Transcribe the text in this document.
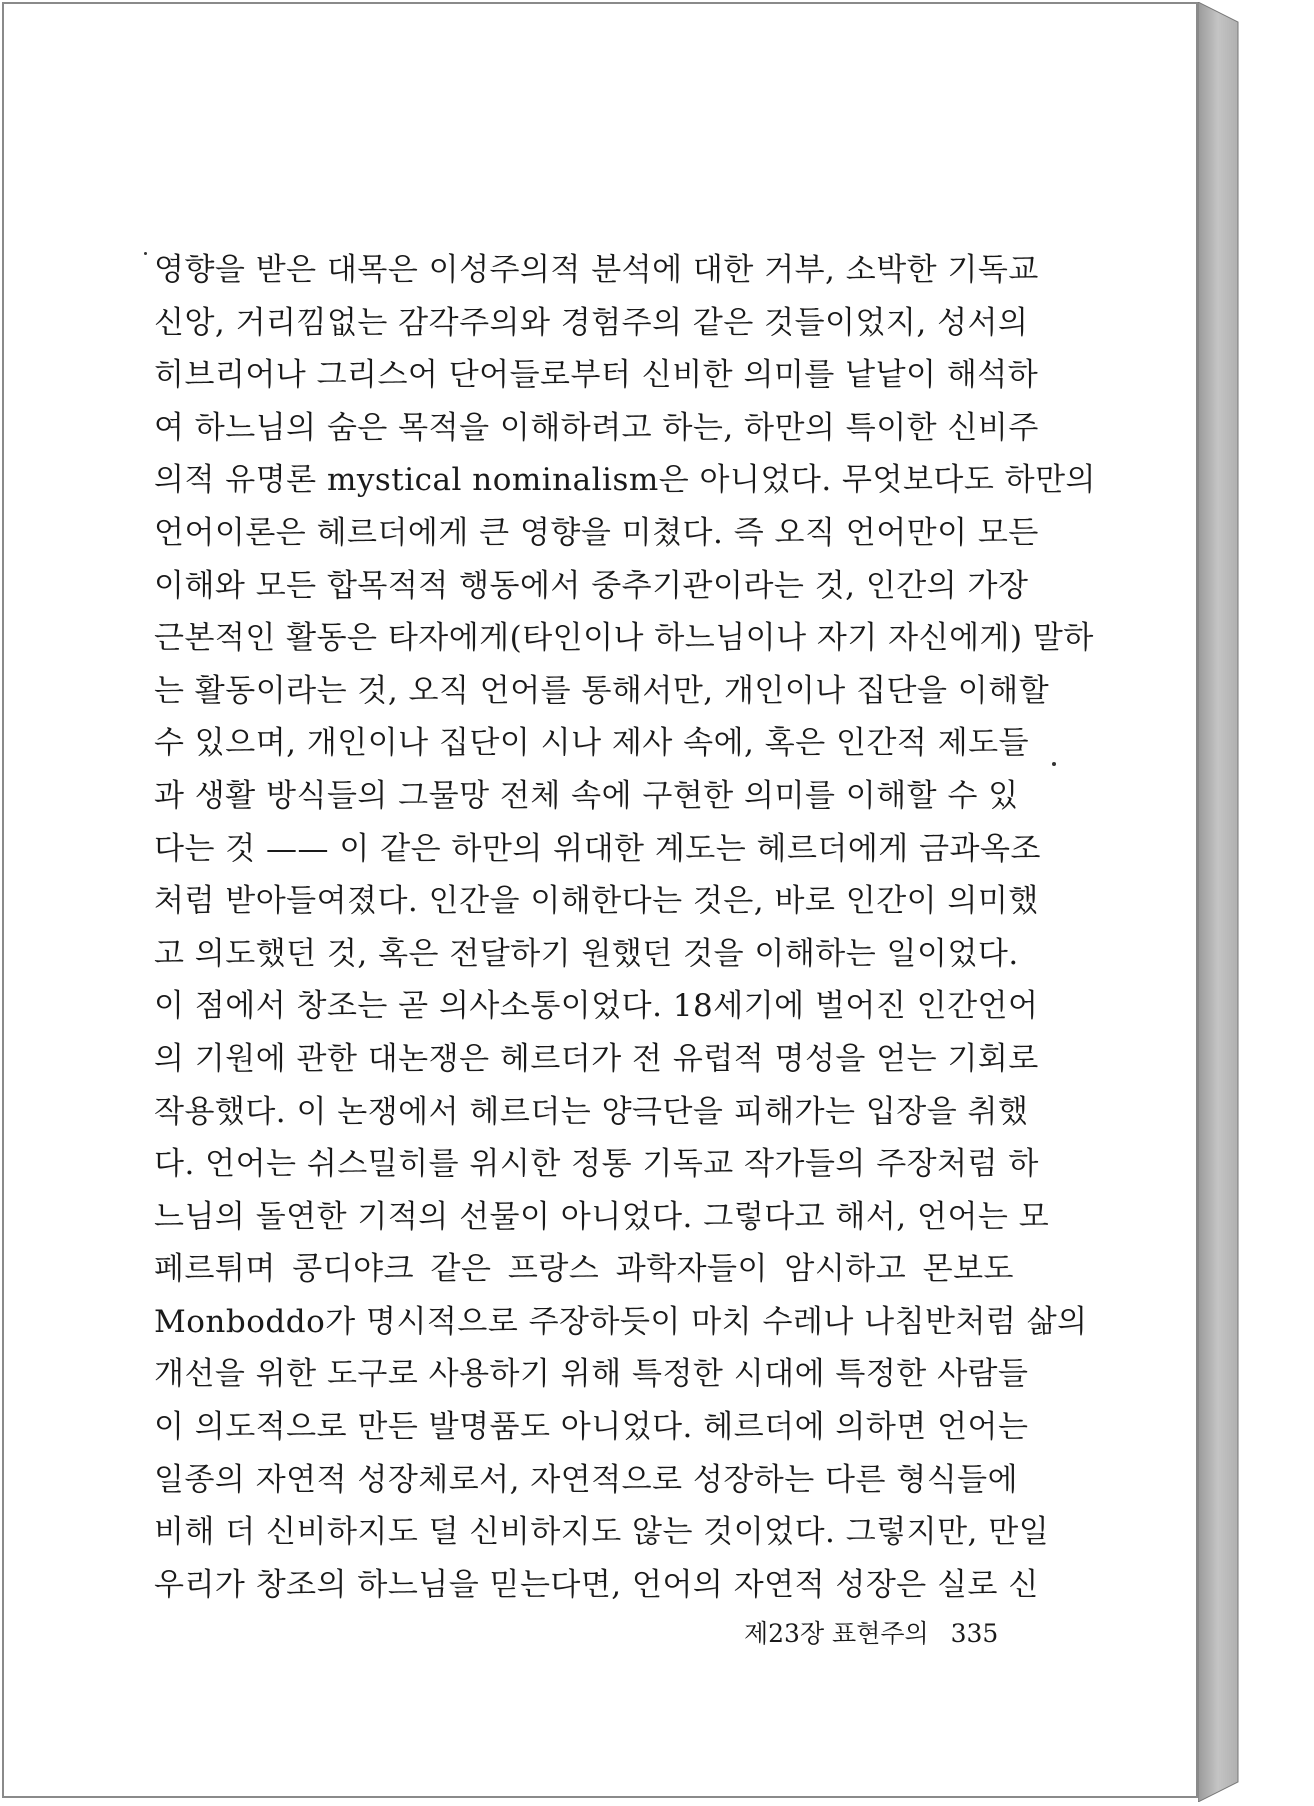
영향을 받은 대목은 이성주의적 분석에 대한 거부, 소박한 기독교
신앙, 거리낌없는 감각주의와 경험주의 같은 것들이었지, 성서의
히브리어나 그리스어 단어들로부터 신비한 의미를 낱낱이 해석하
여 하느님의 숨은 목적을 이해하려고 하는, 하만의 특이한 신비주
의적 유명론 mystical nominalism은 아니었다. 무엇보다도 하만의
언어이론은 헤르더에게 큰 영향을 미쳤다. 즉 오직 언어만이 모든
이해와 모든 합목적적 행동에서 중추기관이라는 것, 인간의 가장
근본적인 활동은 타자에게(타인이나 하느님이나 자기 자신에게) 말하
는 활동이라는 것, 오직 언어를 통해서만, 개인이나 집단을 이해할
수 있으며, 개인이나 집단이 시나 제사 속에, 혹은 인간적 제도들
과 생활 방식들의 그물망 전체 속에 구현한 의미를 이해할 수 있
다는 것 —— 이 같은 하만의 위대한 계도는 헤르더에게 금과옥조
처럼 받아들여졌다. 인간을 이해한다는 것은, 바로 인간이 의미했
고 의도했던 것, 혹은 전달하기 원했던 것을 이해하는 일이었다.
이 점에서 창조는 곧 의사소통이었다. 18세기에 벌어진 인간언어
의 기원에 관한 대논쟁은 헤르더가 전 유럽적 명성을 얻는 기회로
작용했다. 이 논쟁에서 헤르더는 양극단을 피해가는 입장을 취했
다. 언어는 쉬스밀히를 위시한 정통 기독교 작가들의 주장처럼 하
느님의 돌연한 기적의 선물이 아니었다. 그렇다고 해서, 언어는 모
페르튀며 콩디야크 같은 프랑스 과학자들이 암시하고 몬보도
Monboddo가 명시적으로 주장하듯이 마치 수레나 나침반처럼 삶의
개선을 위한 도구로 사용하기 위해 특정한 시대에 특정한 사람들
이 의도적으로 만든 발명품도 아니었다. 헤르더에 의하면 언어는
일종의 자연적 성장체로서, 자연적으로 성장하는 다른 형식들에
비해 더 신비하지도 덜 신비하지도 않는 것이었다. 그렇지만, 만일
우리가 창조의 하느님을 믿는다면, 언어의 자연적 성장은 실로 신
제23장 표현주의 335
